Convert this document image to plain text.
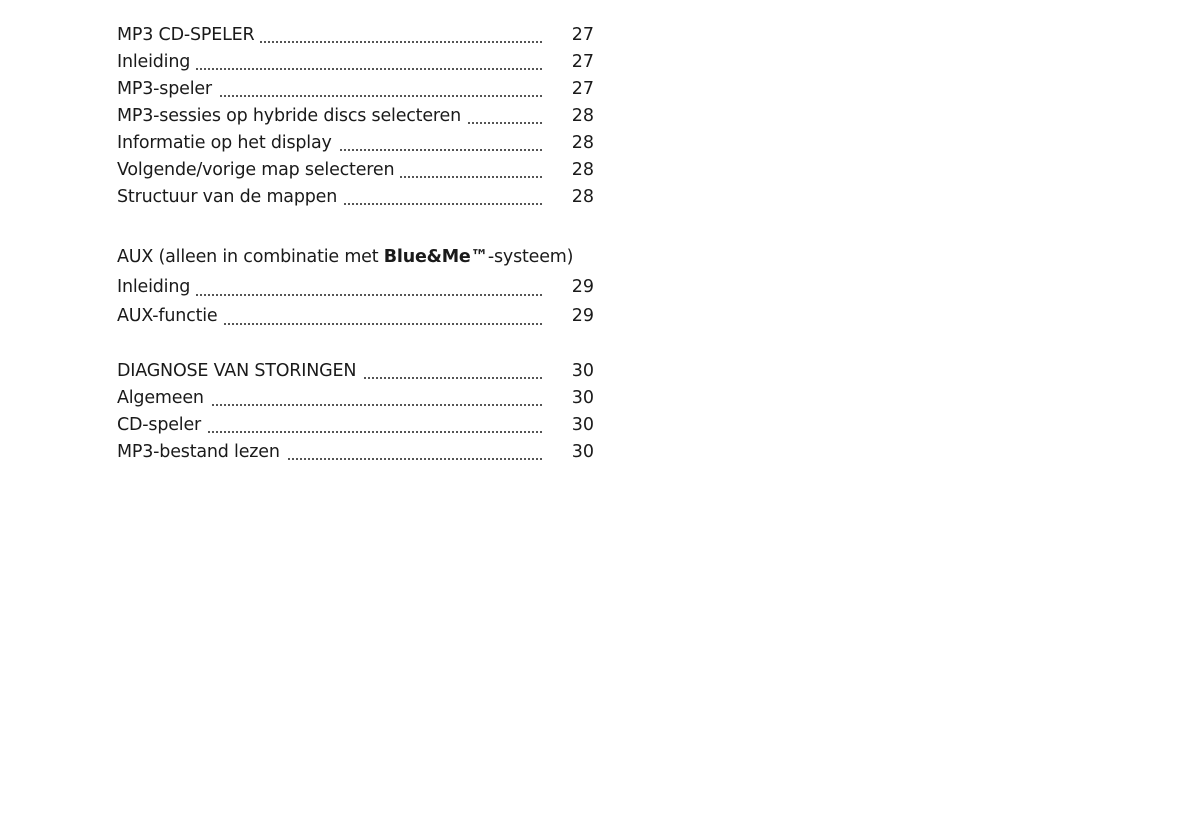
MP3 CD-SPELER	27
Inleiding	27
MP3-speler	27
MP3-sessies op hybride discs selecteren	28
Informatie op het display	28
Volgende/vorige map selecteren	28
Structuur van de mappen	28
AUX (alleen in combinatie met Blue&Me™-systeem)
Inleiding	29
AUX-functie	29
DIAGNOSE VAN STORINGEN	30
Algemeen	30
CD-speler	30
MP3-bestand lezen	30
